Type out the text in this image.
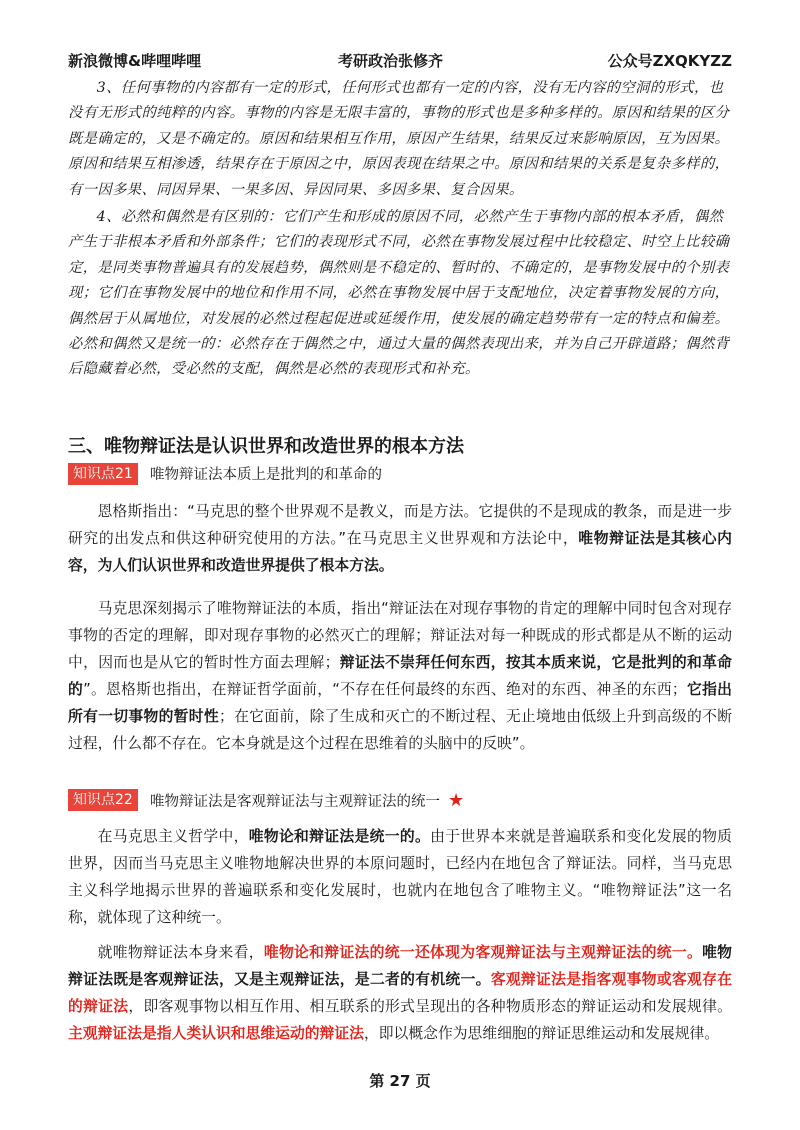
新浪微博&哔哩哔哩	考研政治张修齐	公众号ZXQKYZZ

3、任何事物的内容都有一定的形式，任何形式也都有一定的内容，没有无内容的空洞的形式，也没有无形式的纯粹的内容。事物的内容是无限丰富的，事物的形式也是多种多样的。原因和结果的区分既是确定的，又是不确定的。原因和结果相互作用，原因产生结果，结果反过来影响原因，互为因果。原因和结果互相渗透，结果存在于原因之中，原因表现在结果之中。原因和结果的关系是复杂多样的，有一因多果、同因异果、一果多因、异因同果、多因多果、复合因果。

4、必然和偶然是有区别的：它们产生和形成的原因不同，必然产生于事物内部的根本矛盾，偶然产生于非根本矛盾和外部条件；它们的表现形式不同，必然在事物发展过程中比较稳定、时空上比较确定，是同类事物普遍具有的发展趋势，偶然则是不稳定的、暂时的、不确定的，是事物发展中的个别表现；它们在事物发展中的地位和作用不同，必然在事物发展中居于支配地位，决定着事物发展的方向，偶然居于从属地位，对发展的必然过程起促进或延缓作用，使发展的确定趋势带有一定的特点和偏差。必然和偶然又是统一的：必然存在于偶然之中，通过大量的偶然表现出来，并为自己开辟道路；偶然背后隐藏着必然，受必然的支配，偶然是必然的表现形式和补充。

三、唯物辩证法是认识世界和改造世界的根本方法
知识点21	唯物辩证法本质上是批判的和革命的

恩格斯指出：“马克思的整个世界观不是教义，而是方法。它提供的不是现成的教条，而是进一步研究的出发点和供这种研究使用的方法。”在马克思主义世界观和方法论中，唯物辩证法是其核心内容，为人们认识世界和改造世界提供了根本方法。

马克思深刻揭示了唯物辩证法的本质，指出“辩证法在对现存事物的肯定的理解中同时包含对现存事物的否定的理解，即对现存事物的必然灭亡的理解；辩证法对每一种既成的形式都是从不断的运动中，因而也是从它的暂时性方面去理解；辩证法不崇拜任何东西，按其本质来说，它是批判的和革命的”。恩格斯也指出，在辩证哲学面前，“不存在任何最终的东西、绝对的东西、神圣的东西；它指出所有一切事物的暂时性；在它面前，除了生成和灭亡的不断过程、无止境地由低级上升到高级的不断过程，什么都不存在。它本身就是这个过程在思维着的头脑中的反映”。

知识点22	唯物辩证法是客观辩证法与主观辩证法的统一 ★

在马克思主义哲学中，唯物论和辩证法是统一的。由于世界本来就是普遍联系和变化发展的物质世界，因而当马克思主义唯物地解决世界的本原问题时，已经内在地包含了辩证法。同样，当马克思主义科学地揭示世界的普遍联系和变化发展时，也就内在地包含了唯物主义。“唯物辩证法”这一名称，就体现了这种统一。

就唯物辩证法本身来看，唯物论和辩证法的统一还体现为客观辩证法与主观辩证法的统一。唯物辩证法既是客观辩证法，又是主观辩证法，是二者的有机统一。客观辩证法是指客观事物或客观存在的辩证法，即客观事物以相互作用、相互联系的形式呈现出的各种物质形态的辩证运动和发展规律。主观辩证法是指人类认识和思维运动的辩证法，即以概念作为思维细胞的辩证思维运动和发展规律。

第 27 页
